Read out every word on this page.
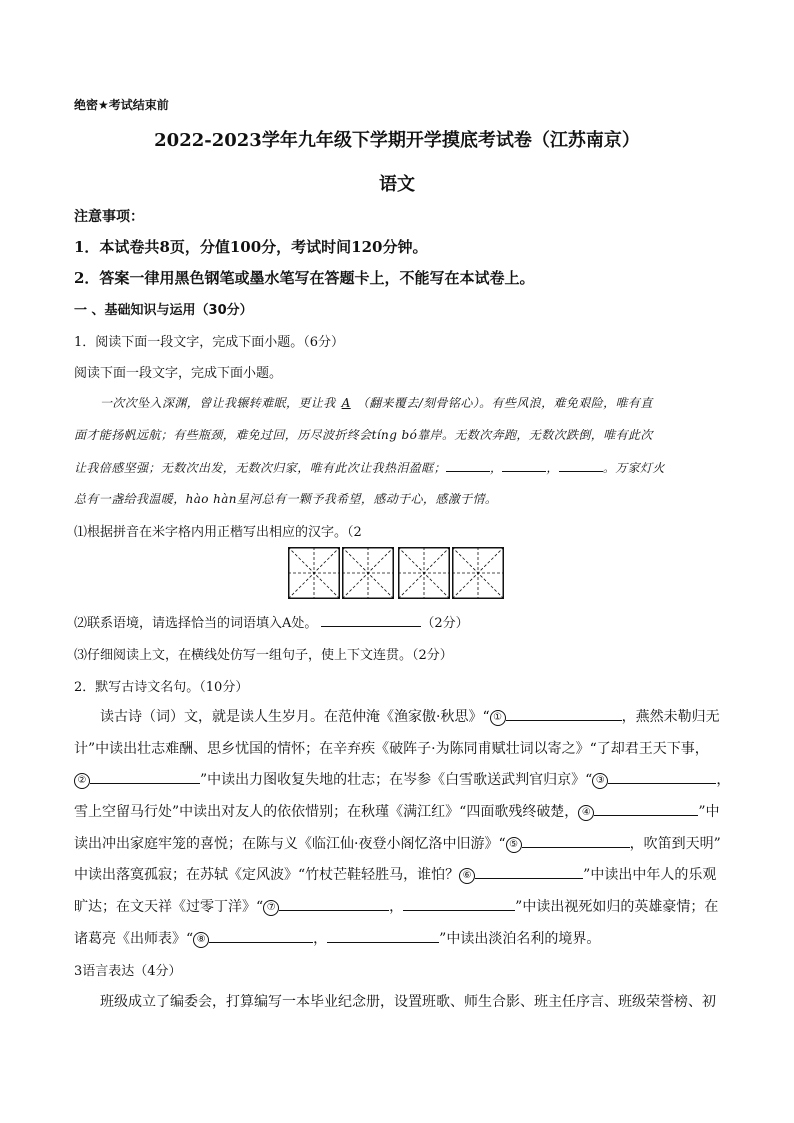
绝密★考试结束前
2022-2023学年九年级下学期开学摸底考试卷（江苏南京）
语文
注意事项：
1．本试卷共8页，分值100分，考试时间120分钟。
2．答案一律用黑色钢笔或墨水笔写在答题卡上，不能写在本试卷上。
一 、基础知识与运用（30分）
1．阅读下面一段文字，完成下面小题。（6分）
阅读下面一段文字，完成下面小题。
一次次坠入深渊，曾让我辗转难眠，更让我 A （翻来覆去/刻骨铭心）。有些风浪，难免艰险，唯有直
面才能扬帆远航；有些瓶颈，难免过回，历尽波折终会tíng bó靠岸。无数次奔跑，无数次跌倒，唯有此次
让我倍感坚强；无数次出发，无数次归家，唯有此次让我热泪盈眶；	，	，	。万家灯火
总有一盏给我温暖，hào hàn星河总有一颗予我希望，感动于心，感激于情。
⑴根据拼音在米字格内用正楷写出相应的汉字。（2
⑵联系语境，请选择恰当的词语填入A处。	（2分）
⑶仔细阅读上文，在横线处仿写一组句子，使上下文连贯。（2分）
2．默写古诗文名句。（10分）
读古诗（词）文，就是读人生岁月。在范仲淹《渔家傲·秋思》“ ①	，燕然未勒归无
计”中读出壮志难酬、思乡忧国的情怀；在辛弃疾《破阵子·为陈同甫赋壮词以寄之》“了却君王天下事，
②	”中读出力图收复失地的壮志；在岑参《白雪歌送武判官归京》“ ③	，
雪上空留马行处”中读出对友人的依依惜别；在秋瑾《满江红》“四面歌残终破楚， ④	”中
读出冲出家庭牢笼的喜悦；在陈与义《临江仙·夜登小阁忆洛中旧游》“ ⑤	，吹笛到天明”
中读出落寞孤寂；在苏轼《定风波》“竹杖芒鞋轻胜马，谁怕？ ⑥	”中读出中年人的乐观
旷达；在文天祥《过零丁洋》“ ⑦	，	”中读出视死如归的英雄豪情；在
诸葛亮《出师表》“ ⑧	，	”中读出淡泊名利的境界。
3语言表达（4分）
班级成立了编委会，打算编写一本毕业纪念册，设置班歌、师生合影、班主任序言、班级荣誉榜、初
